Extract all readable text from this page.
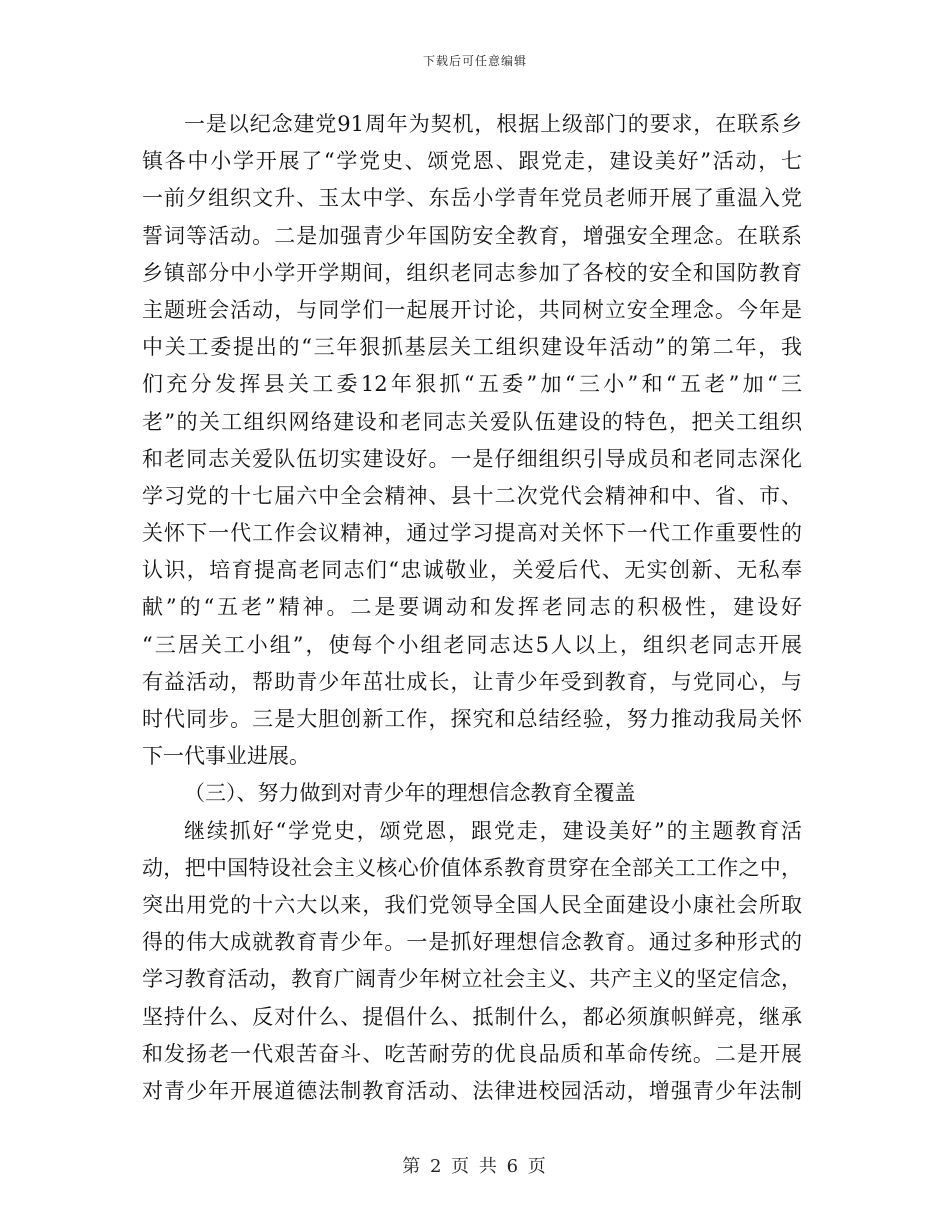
下载后可任意编辑
一是以纪念建党91周年为契机，根据上级部门的要求，在联系乡
镇各中小学开展了“学党史、颂党恩、跟党走，建设美好”活动，七
一前夕组织文升、玉太中学、东岳小学青年党员老师开展了重温入党
誓词等活动。二是加强青少年国防安全教育，增强安全理念。在联系
乡镇部分中小学开学期间，组织老同志参加了各校的安全和国防教育
主题班会活动，与同学们一起展开讨论，共同树立安全理念。今年是
中关工委提出的“三年狠抓基层关工组织建设年活动”的第二年，我
们充分发挥县关工委12年狠抓“五委”加“三小”和“五老”加“三
老”的关工组织网络建设和老同志关爱队伍建设的特色，把关工组织
和老同志关爱队伍切实建设好。一是仔细组织引导成员和老同志深化
学习党的十七届六中全会精神、县十二次党代会精神和中、省、市、
关怀下一代工作会议精神，通过学习提高对关怀下一代工作重要性的
认识，培育提高老同志们“忠诚敬业，关爱后代、无实创新、无私奉
献”的“五老”精神。二是要调动和发挥老同志的积极性，建设好
“三居关工小组”，使每个小组老同志达5人以上，组织老同志开展
有益活动，帮助青少年茁壮成长，让青少年受到教育，与党同心，与
时代同步。三是大胆创新工作，探究和总结经验，努力推动我局关怀
下一代事业进展。
（三）、努力做到对青少年的理想信念教育全覆盖
继续抓好“学党史，颂党恩，跟党走，建设美好”的主题教育活
动，把中国特设社会主义核心价值体系教育贯穿在全部关工工作之中，
突出用党的十六大以来，我们党领导全国人民全面建设小康社会所取
得的伟大成就教育青少年。一是抓好理想信念教育。通过多种形式的
学习教育活动，教育广阔青少年树立社会主义、共产主义的坚定信念，
坚持什么、反对什么、提倡什么、抵制什么，都必须旗帜鲜亮，继承
和发扬老一代艰苦奋斗、吃苦耐劳的优良品质和革命传统。二是开展
对青少年开展道德法制教育活动、法律进校园活动，增强青少年法制
第 2 页 共 6 页
